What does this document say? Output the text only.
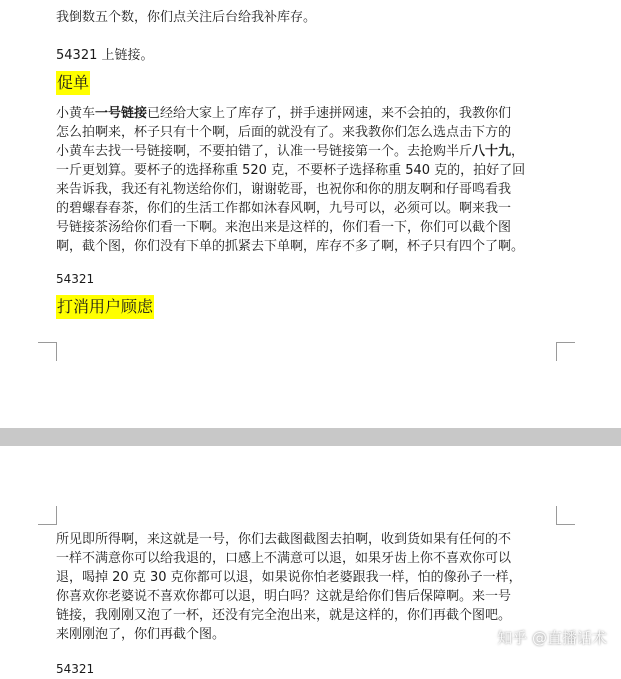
我倒数五个数，你们点关注后台给我补库存。
54321 上链接。
促单
小黄车一号链接已经给大家上了库存了，拼手速拼网速，来不会拍的，我教你们
怎么拍啊来，杯子只有十个啊，后面的就没有了。来我教你们怎么选点击下方的
小黄车去找一号链接啊，不要拍错了，认准一号链接第一个。去抢购半斤八十九，
一斤更划算。要杯子的选择称重 520 克，不要杯子选择称重 540 克的，拍好了回
来告诉我，我还有礼物送给你们，谢谢乾哥，也祝你和你的朋友啊和仔哥鸣看我
的碧螺春春茶，你们的生活工作都如沐春风啊，九号可以，必须可以。啊来我一
号链接茶汤给你们看一下啊。来泡出来是这样的，你们看一下，你们可以截个图
啊，截个图，你们没有下单的抓紧去下单啊，库存不多了啊，杯子只有四个了啊。
54321
打消用户顾虑
所见即所得啊，来这就是一号，你们去截图截图去拍啊，收到货如果有任何的不
一样不满意你可以给我退的，口感上不满意可以退，如果牙齿上你不喜欢你可以
退，喝掉 20 克 30 克你都可以退，如果说你怕老婆跟我一样，怕的像孙子一样，
你喜欢你老婆说不喜欢你都可以退，明白吗？这就是给你们售后保障啊。来一号
链接，我刚刚又泡了一杯，还没有完全泡出来，就是这样的，你们再截个图吧。
来刚刚泡了，你们再截个图。
54321
知乎 @直播话术
